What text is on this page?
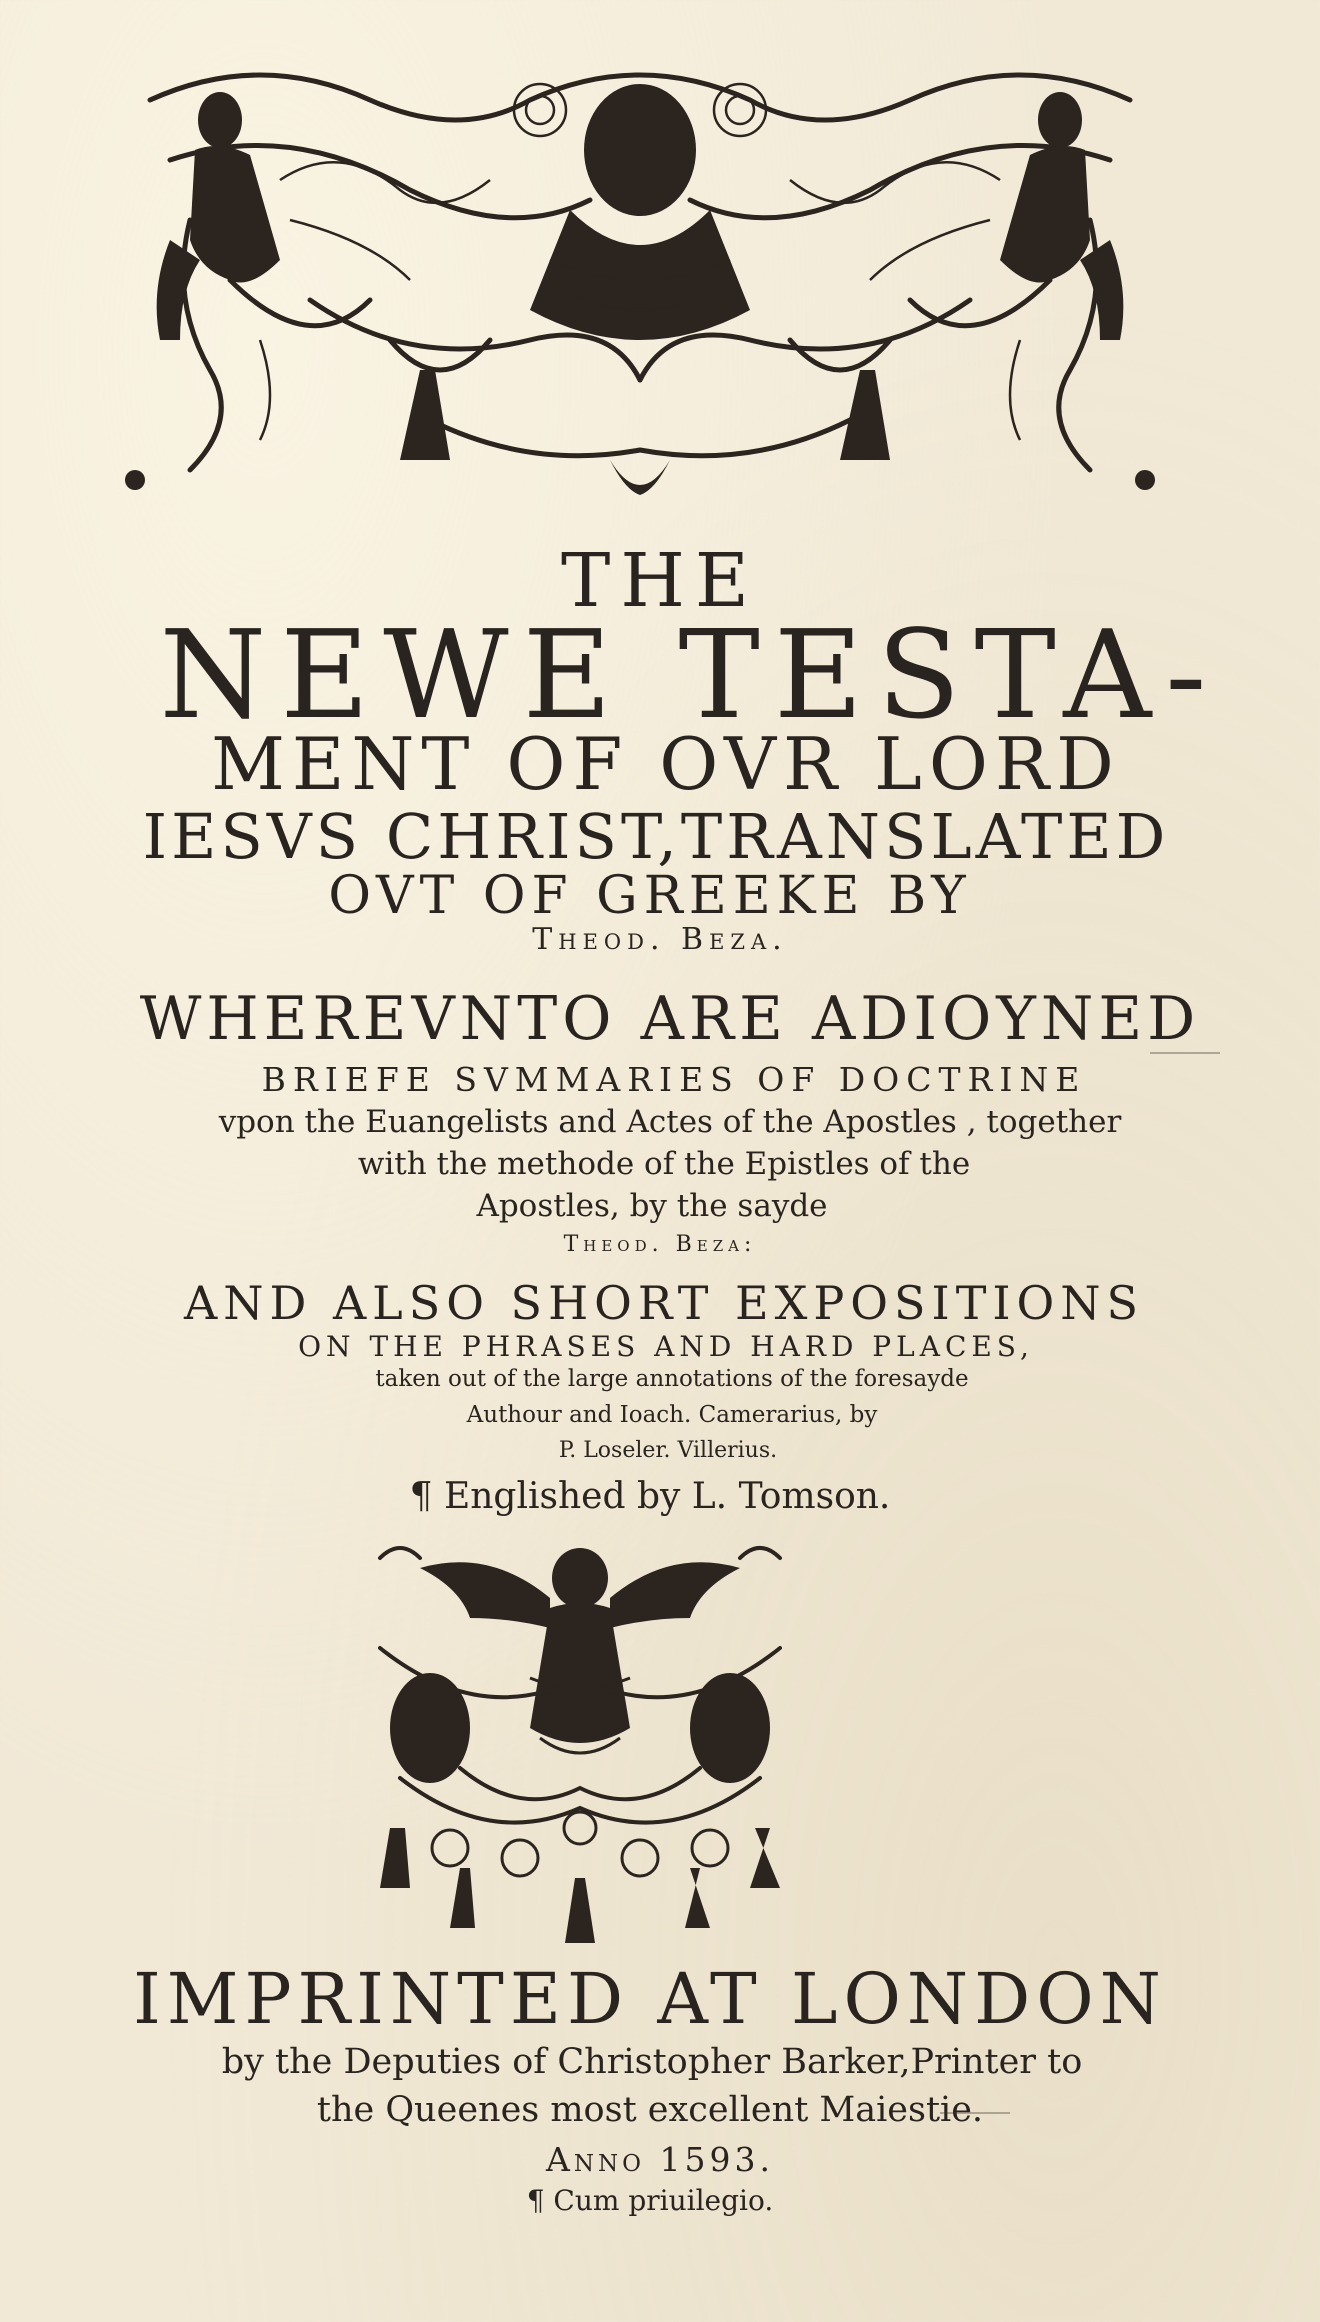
THE
NEWE TESTA-
MENT OF OVR LORD
IESVS CHRIST,TRANSLATED
OVT OF GREEKE BY
Theod. Beza.
WHEREVNTO ARE ADIOYNED
BRIEFE SVMMARIES OF DOCTRINE
vpon the Euangelists and Actes of the Apostles , together
with the methode of the Epistles of the
Apostles, by the sayde
Theod. Beza:
AND ALSO SHORT EXPOSITIONS
ON THE PHRASES AND HARD PLACES,
taken out of the large annotations of the foresayde
Authour and Ioach. Camerarius, by
P. Loseler. Villerius.
¶ Englished by L. Tomson.
IMPRINTED AT LONDON
by the Deputies of Christopher Barker,Printer to
the Queenes most excellent Maiestie.
Anno 1593.
¶ Cum priuilegio.
